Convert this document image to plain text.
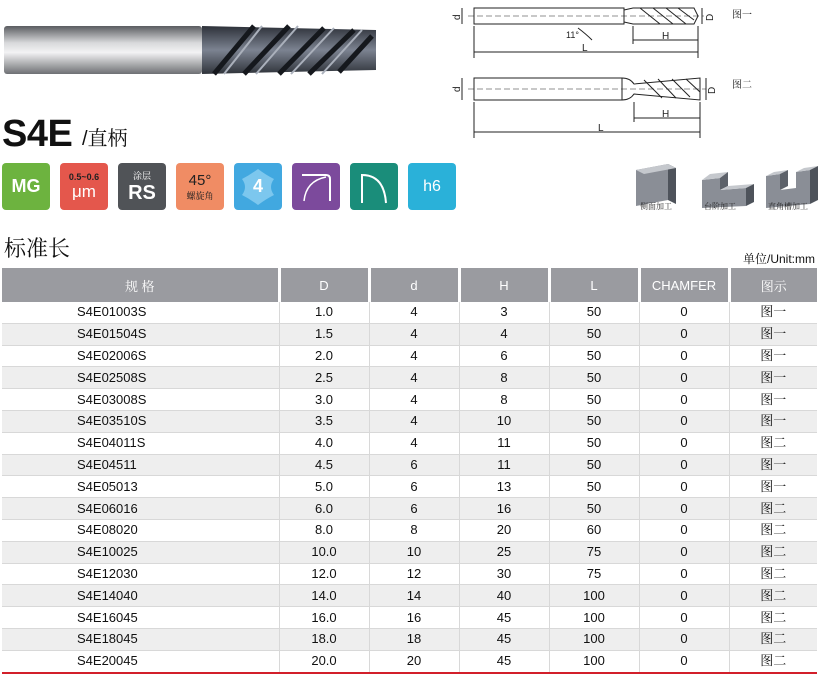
d	D
11°	H
L
图一
d	D
H
L
图二
S4E /直柄
MG	0.5~0.6
μm
涂层
RS
45°
螺旋角 4	h6
侧面加工	台阶加工	直角槽加工
标准长	单位/Unit:mm
规 格	D	d	H	L	CHAMFER	图示
S4E01003S	1.0	4	3	50	0	图一
S4E01504S	1.5	4	4	50	0	图一
S4E02006S	2.0	4	6	50	0	图一
S4E02508S	2.5	4	8	50	0	图一
S4E03008S	3.0	4	8	50	0	图一
S4E03510S	3.5	4	10	50	0	图一
S4E04011S	4.0	4	11	50	0	图二
S4E04511	4.5	6	11	50	0	图一
S4E05013	5.0	6	13	50	0	图一
S4E06016	6.0	6	16	50	0	图二
S4E08020	8.0	8	20	60	0	图二
S4E10025	10.0	10	25	75	0	图二
S4E12030	12.0	12	30	75	0	图二
S4E14040	14.0	14	40	100	0	图二
S4E16045	16.0	16	45	100	0	图二
S4E18045	18.0	18	45	100	0	图二
S4E20045	20.0	20	45	100	0	图二
